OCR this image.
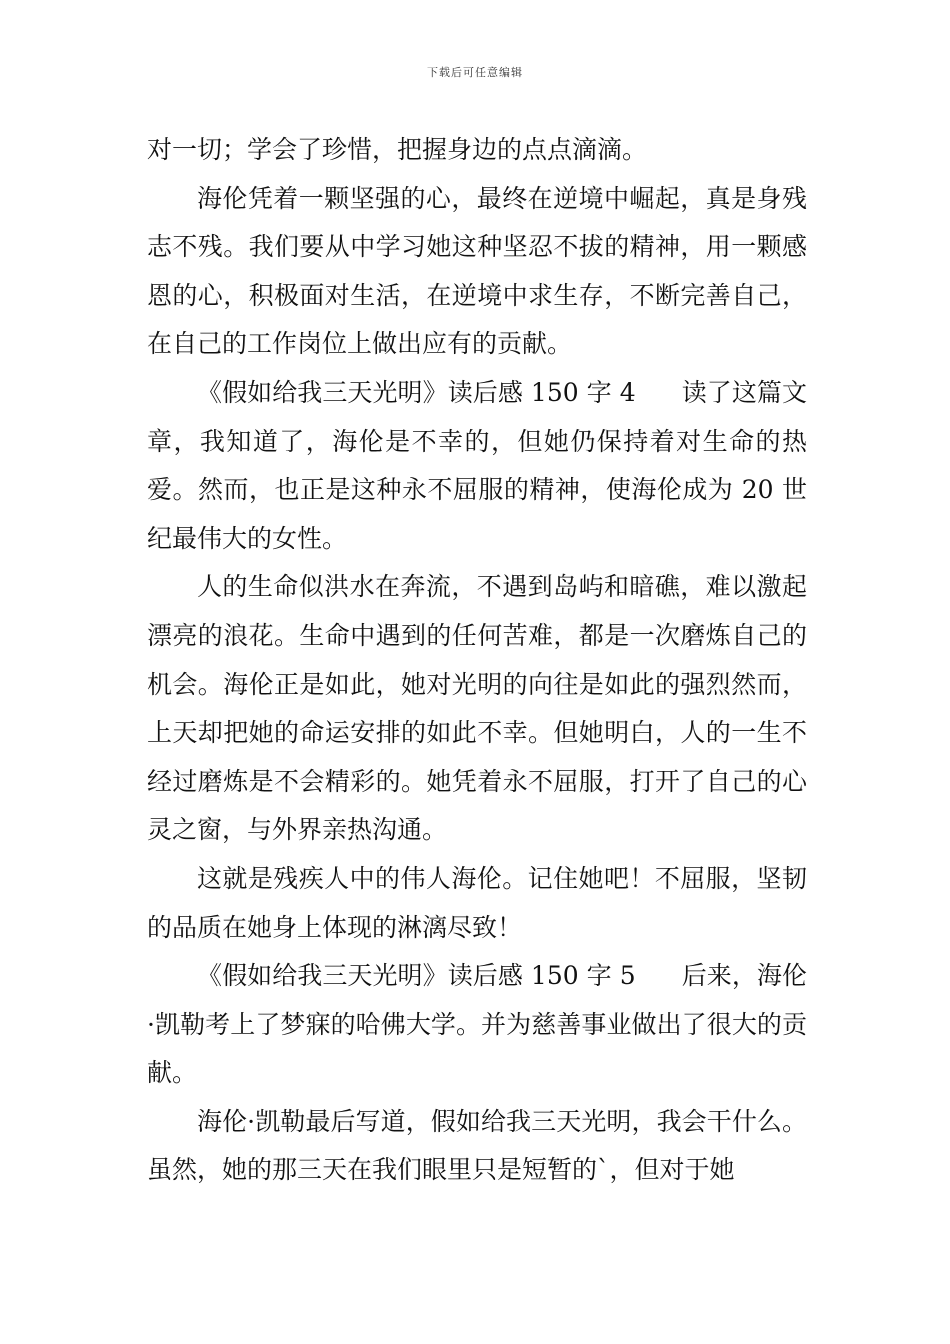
下载后可任意编辑

对一切；学会了珍惜，把握身边的点点滴滴。

海伦凭着一颗坚强的心，最终在逆境中崛起，真是身残志不残。我们要从中学习她这种坚忍不拔的精神，用一颗感恩的心，积极面对生活，在逆境中求生存，不断完善自己，在自己的工作岗位上做出应有的贡献。

《假如给我三天光明》读后感 150 字 4 读了这篇文章，我知道了，海伦是不幸的，但她仍保持着对生命的热爱。然而，也正是这种永不屈服的精神，使海伦成为 20 世纪最伟大的女性。

人的生命似洪水在奔流，不遇到岛屿和暗礁，难以激起漂亮的浪花。生命中遇到的任何苦难，都是一次磨炼自己的机会。海伦正是如此，她对光明的向往是如此的强烈然而，上天却把她的命运安排的如此不幸。但她明白，人的一生不经过磨炼是不会精彩的。她凭着永不屈服，打开了自己的心灵之窗，与外界亲热沟通。

这就是残疾人中的伟人海伦。记住她吧！不屈服，坚韧的品质在她身上体现的淋漓尽致！

《假如给我三天光明》读后感 150 字 5 后来，海伦·凯勒考上了梦寐的哈佛大学。并为慈善事业做出了很大的贡献。

海伦·凯勒最后写道，假如给我三天光明，我会干什么。虽然，她的那三天在我们眼里只是短暂的`，但对于她
